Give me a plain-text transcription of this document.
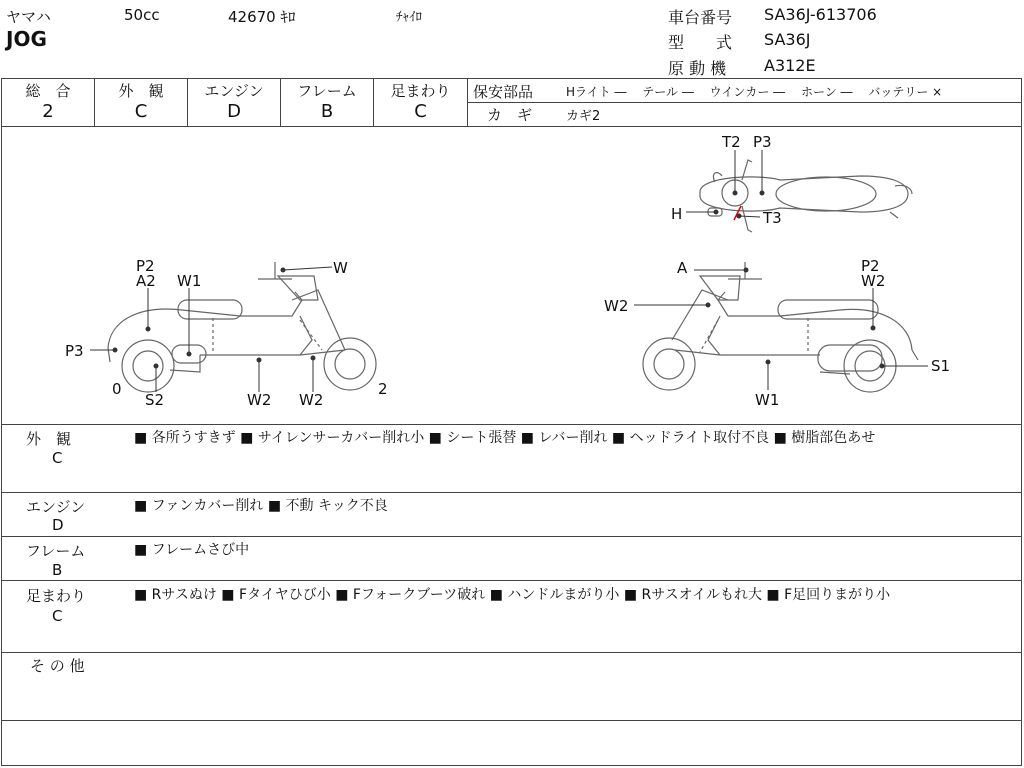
ヤマハ	50cc	42670 ｷﾛ	ﾁｬｲﾛ
JOG
車台番号 SA36J-613706
型　　式 SA36J
原 動 機 A312E
総　合
2
外　観
C
エンジン
D
フレーム
B
足まわり
C
保安部品	Hライト ―　 テール ―　 ウインカー ―　 ホーン ―　 バッテリー ×
カ　ギ	カギ2
P2
A2 W1
W
P3
0
S2	W2 W2
2
A	P2
W2
W2
S1
W1
T2 P3
H	T3
外　観
C
■ 各所うすきず ■ サイレンサーカバー削れ小 ■ シート張替 ■ レバー削れ ■ ヘッドライト取付不良 ■ 樹脂部色あせ
エンジン
D
■ ファンカバー削れ ■ 不動 キック不良
フレーム
B
■ フレームさび中
足まわり
C
■ Rサスぬけ ■ Fタイヤひび小 ■ Fフォークブーツ破れ ■ ハンドルまがり小 ■ Rサスオイルもれ大 ■ F足回りまがり小
そ の 他
